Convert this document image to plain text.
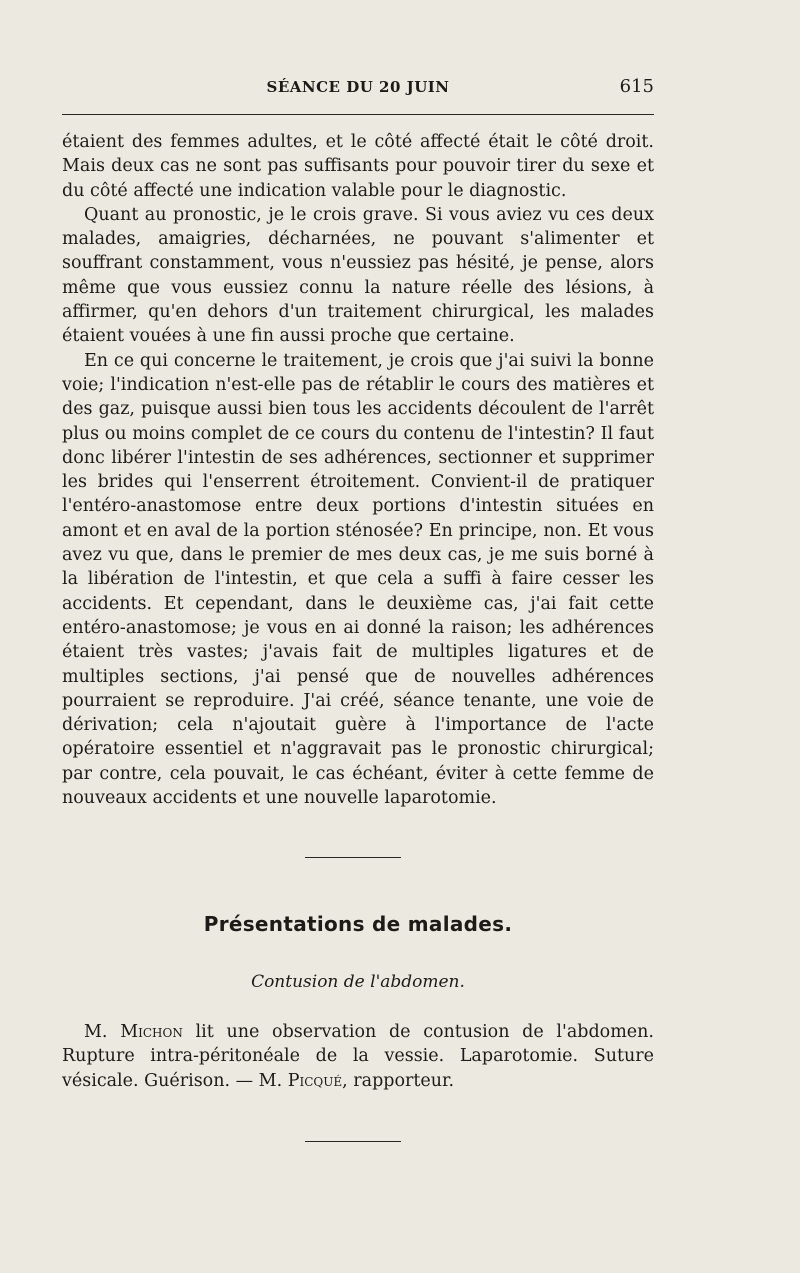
SÉANCE DU 20 JUIN	615

étaient des femmes adultes, et le côté affecté était le côté droit. Mais deux cas ne sont pas suffisants pour pouvoir tirer du sexe et du côté affecté une indication valable pour le diagnostic.

Quant au pronostic, je le crois grave. Si vous aviez vu ces deux malades, amaigries, décharnées, ne pouvant s'alimenter et souffrant constamment, vous n'eussiez pas hésité, je pense, alors même que vous eussiez connu la nature réelle des lésions, à affirmer, qu'en dehors d'un traitement chirurgical, les malades étaient vouées à une fin aussi proche que certaine.

En ce qui concerne le traitement, je crois que j'ai suivi la bonne voie; l'indication n'est-elle pas de rétablir le cours des matières et des gaz, puisque aussi bien tous les accidents découlent de l'arrêt plus ou moins complet de ce cours du contenu de l'intestin? Il faut donc libérer l'intestin de ses adhérences, sectionner et supprimer les brides qui l'enserrent étroitement. Convient-il de pratiquer l'entéro-anastomose entre deux portions d'intestin situées en amont et en aval de la portion sténosée? En principe, non. Et vous avez vu que, dans le premier de mes deux cas, je me suis borné à la libération de l'intestin, et que cela a suffi à faire cesser les accidents. Et cependant, dans le deuxième cas, j'ai fait cette entéro-anastomose; je vous en ai donné la raison; les adhérences étaient très vastes; j'avais fait de multiples ligatures et de multiples sections, j'ai pensé que de nouvelles adhérences pourraient se reproduire. J'ai créé, séance tenante, une voie de dérivation; cela n'ajoutait guère à l'importance de l'acte opératoire essentiel et n'aggravait pas le pronostic chirurgical; par contre, cela pouvait, le cas échéant, éviter à cette femme de nouveaux accidents et une nouvelle laparotomie.

Présentations de malades.
Contusion de l'abdomen.

M. Michon lit une observation de contusion de l'abdomen. Rupture intra-péritonéale de la vessie. Laparotomie. Suture vésicale. Guérison. — M. Picqué, rapporteur.
